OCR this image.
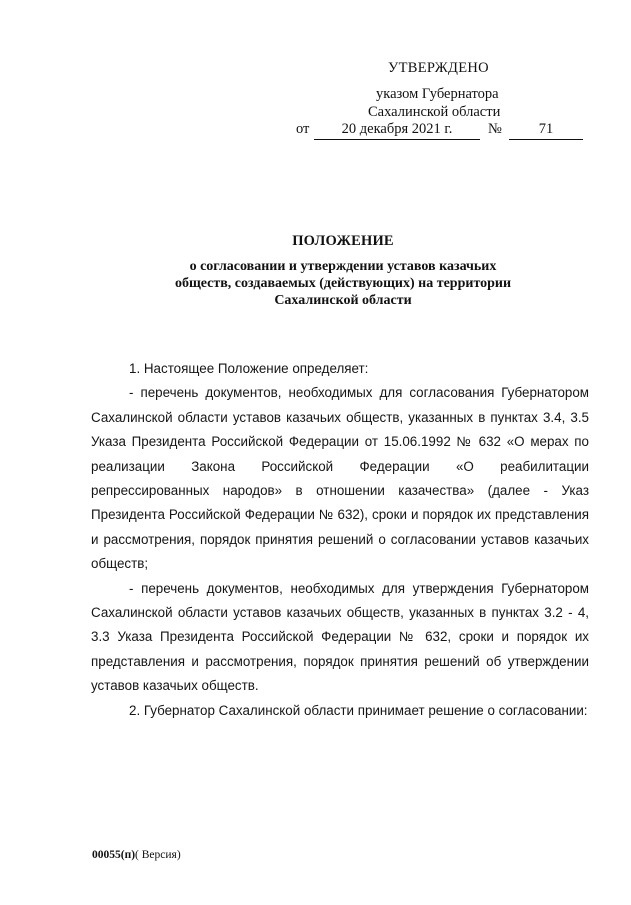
УТВЕРЖДЕНО
указом Губернатора
Сахалинской области
от	20 декабря 2021 г.	№	71
ПОЛОЖЕНИЕ
о согласовании и утверждении уставов казачьих
обществ, создаваемых (действующих) на территории
Сахалинской области

1. Настоящее Положение определяет:

- перечень документов, необходимых для согласования Губернатором Сахалинской области уставов казачьих обществ, указанных в пунктах 3.4, 3.5 Указа Президента Российской Федерации от 15.06.1992 № 632 «О мерах по реализации Закона Российской Федерации «О реабилитации репрессированных народов» в отношении казачества» (далее - Указ Президента Российской Федерации № 632), сроки и порядок их представления и рассмотрения, порядок принятия решений о согласовании уставов казачьих обществ;

- перечень документов, необходимых для утверждения Губернатором Сахалинской области уставов казачьих обществ, указанных в пунктах 3.2 - 4, 3.3 Указа Президента Российской Федерации № 632, сроки и порядок их представления и рассмотрения, порядок принятия решений об утверждении уставов казачьих обществ.

2. Губернатор Сахалинской области принимает решение о согласовании:

00055(п)( Версия)
